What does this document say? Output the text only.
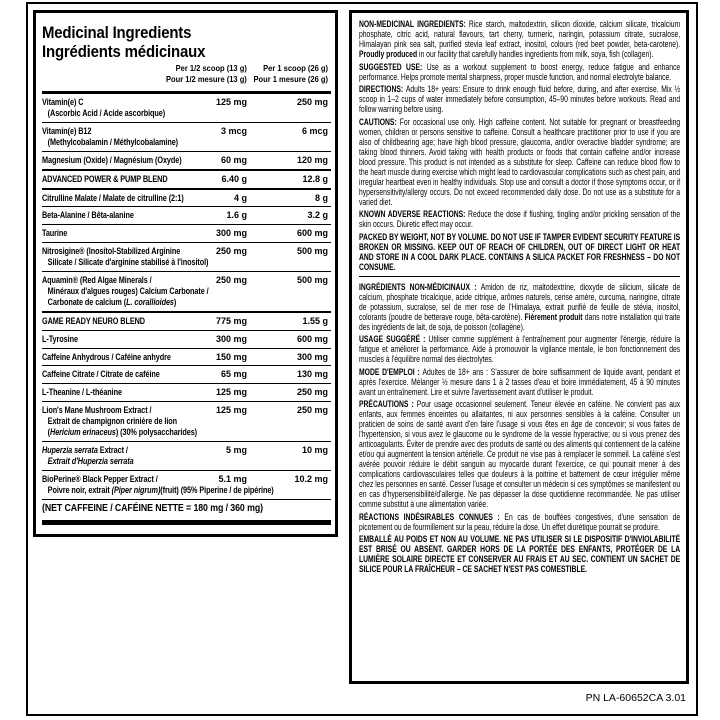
Medicinal Ingredients
Ingrédients médicinaux
Per 1/2 scoop (13 g)
Pour 1/2 mesure (13 g)
Per 1 scoop (26 g)
Pour 1 mesure (26 g)
Vitamin(e) C
(Ascorbic Acid / Acide ascorbique)
125 mg	250 mg
Vitamin(e) B12
(Methylcobalamin / Méthylcobalamine)
3 mcg	6 mcg
Magnesium (Oxide) / Magnésium (Oxyde)	60 mg	120 mg
ADVANCED POWER & PUMP BLEND	6.40 g	12.8 g
Citrulline Malate / Malate de citrulline (2:1)	4 g	8 g
Beta-Alanine / Bêta-alanine	1.6 g	3.2 g
Taurine	300 mg	600 mg
Nitrosigine® (Inositol-Stabilized Arginine
Silicate / Silicate d'arginine stabilisé à l'inositol)
250 mg	500 mg
Aquamin® (Red Algae Minerals /
Minéraux d'algues rouges) Calcium Carbonate /
Carbonate de calcium (L. corallioides)
250 mg	500 mg
GAME READY NEURO BLEND	775 mg	1.55 g
L-Tyrosine	300 mg	600 mg
Caffeine Anhydrous / Caféine anhydre	150 mg	300 mg
Caffeine Citrate / Citrate de caféine	65 mg	130 mg
L-Theanine / L-théanine	125 mg	250 mg
Lion's Mane Mushroom Extract /
Extrait de champignon crinière de lion
(Hericium erinaceus) (30% polysaccharides)
125 mg	250 mg
Huperzia serrata Extract /
Extrait d'Huperzia serrata
5 mg	10 mg
BioPerine® Black Pepper Extract /
Poivre noir, extrait (Piper nigrum)(fruit) (95% Piperine / de pipérine)
5.1 mg	10.2 mg
(NET CAFFEINE / CAFÉINE NETTE = 180 mg / 360 mg)
NON-MEDICINAL INGREDIENTS: Rice starch, maltodextrin, silicon dioxide, calcium silicate, tricalcium phosphate, citric acid, natural flavours, tart cherry, turmeric, naringin, potassium citrate, sucralose, Himalayan pink sea salt, purified stevia leaf extract, inositol, colours (red beet powder, beta-carotene). Proudly produced in our facility that carefully handles ingredients from milk, soya, fish (collagen).
SUGGESTED USE: Use as a workout supplement to boost energy, reduce fatigue and enhance performance. Helps promote mental sharpness, proper muscle function, and normal electrolyte balance.
DIRECTIONS: Adults 18+ years: Ensure to drink enough fluid before, during, and after exercise. Mix ½ scoop in 1–2 cups of water immediately before consumption, 45–90 minutes before workouts. Read and follow warning before using.
CAUTIONS: For occasional use only. High caffeine content. Not suitable for pregnant or breastfeeding women, children or persons sensitive to caffeine. Consult a healthcare practitioner prior to use if you are also of childbearing age; have high blood pressure, glaucoma, and/or overactive bladder syndrome; are taking blood thinners. Avoid taking with health products or foods that contain caffeine and/or increase blood pressure. This product is not intended as a substitute for sleep. Caffeine can reduce blood flow to the heart muscle during exercise which might lead to cardiovascular complications such as chest pain, and irregular heartbeat even in healthy individuals. Stop use and consult a doctor if those symptoms occur, or if hypersensitivity/allergy occurs. Do not exceed recommended daily dose. Do not use as a substitute for a varied diet.
KNOWN ADVERSE REACTIONS: Reduce the dose if flushing, tingling and/or prickling sensation of the skin occurs. Diuretic effect may occur.
PACKED BY WEIGHT, NOT BY VOLUME. DO NOT USE IF TAMPER EVIDENT SECURITY FEATURE IS BROKEN OR MISSING. KEEP OUT OF REACH OF CHILDREN, OUT OF DIRECT LIGHT OR HEAT AND STORE IN A COOL DARK PLACE. CONTAINS A SILICA PACKET FOR FRESHNESS – DO NOT CONSUME.
INGRÉDIENTS NON-MÉDICINAUX : Amidon de riz, maltodextrine, dioxyde de silicium, silicate de calcium, phosphate tricalcique, acide citrique, arômes naturels, cerise amère, curcuma, naringine, citrate de potassium, sucralose, sel de mer rose de l'Himalaya, extrait purifié de feuille de stévia, inositol, colorants (poudre de betterave rouge, bêta-carotène). Fièrement produit dans notre installation qui traite des ingrédients de lait, de soja, de poisson (collagène).
USAGE SUGGÉRÉ : Utiliser comme supplément à l'entraînement pour augmenter l'énergie, réduire la fatigue et améliorer la performance. Aide à promouvoir la vigilance mentale, le bon fonctionnement des muscles à l'équilibre normal des électrolytes.
MODE D'EMPLOI : Adultes de 18+ ans : S'assurer de boire suffisamment de liquide avant, pendant et après l'exercice. Mélanger ½ mesure dans 1 à 2 tasses d'eau et boire immédiatement, 45 à 90 minutes avant un entraînement. Lire et suivre l'avertissement avant d'utiliser le produit.
PRÉCAUTIONS : Pour usage occasionnel seulement. Teneur élevée en caféine. Ne convient pas aux enfants, aux femmes enceintes ou allaitantes, ni aux personnes sensibles à la caféine. Consulter un praticien de soins de santé avant d'en faire l'usage si vous êtes en âge de concevoir; si vous faites de l'hypertension, si vous avez le glaucome ou le syndrome de la vessie hyperactive; ou si vous prenez des anticoagulants. Éviter de prendre avec des produits de santé ou des aliments qui contiennent de la caféine et/ou qui augmentent la tension artérielle. Ce produit ne vise pas à remplacer le sommeil. La caféine s'est avérée pouvoir réduire le débit sanguin au myocarde durant l'exercice, ce qui pourrait mener à des complications cardiovasculaires telles que douleurs à la poitrine et battement de cœur irrégulier même chez les personnes en santé. Cesser l'usage et consulter un médecin si ces symptômes se manifestent ou en cas d'hypersensibilité/d'allergie. Ne pas dépasser la dose quotidienne recommandée. Ne pas utiliser comme substitut à une alimentation variée.
RÉACTIONS INDÉSIRABLES CONNUES : En cas de bouffées congestives, d'une sensation de picotement ou de fourmillement sur la peau, réduire la dose. Un effet diurétique pourrait se produire.
EMBALLÉ AU POIDS ET NON AU VOLUME. NE PAS UTILISER SI LE DISPOSITIF D'INVIOLABILITÉ EST BRISÉ OU ABSENT. GARDER HORS DE LA PORTÉE DES ENFANTS, PROTÉGER DE LA LUMIÈRE SOLAIRE DIRECTE ET CONSERVER AU FRAIS ET AU SEC. CONTIENT UN SACHET DE SILICE POUR LA FRAÎCHEUR – CE SACHET N'EST PAS COMESTIBLE.
PN LA-60652CA 3.01
